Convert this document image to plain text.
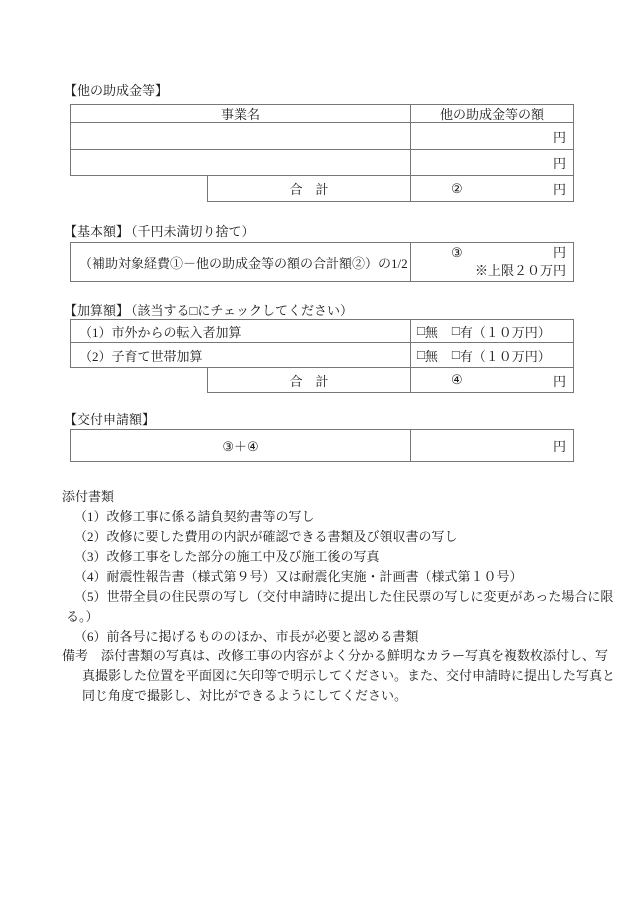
【他の助成金等】
事業名	他の助成金等の額
円
円
合　計	②	円
【基本額】 （千円未満切り捨て）
（補助対象経費①－他の助成金等の額の合計額②）の1/2
③	円
※上限２０万円
【加算額】 （該当する□にチェックしてください）
（1）市外からの転入者加算	□ 無 □ 有（１０万円）
（2）子育て世帯加算	□ 無 □ 有（１０万円）
合　計	④	円
【交付申請額】
③＋④	円
添付書類
（1）改修工事に係る請負契約書等の写し
（2）改修に要した費用の内訳が確認できる書類及び領収書の写し
（3）改修工事をした部分の施工中及び施工後の写真
（4）耐震性報告書（様式第９号）又は耐震化実施・計画書（様式第１０号）
（5）世帯全員の住民票の写し（交付申請時に提出した住民票の写しに変更があった場合に限
る。）
（6）前各号に掲げるもののほか、市長が必要と認める書類
備考　添付書類の写真は、改修工事の内容がよく分かる鮮明なカラー写真を複数枚添付し、写
真撮影した位置を平面図に矢印等で明示してください。また、交付申請時に提出した写真と
同じ角度で撮影し、対比ができるようにしてください。
